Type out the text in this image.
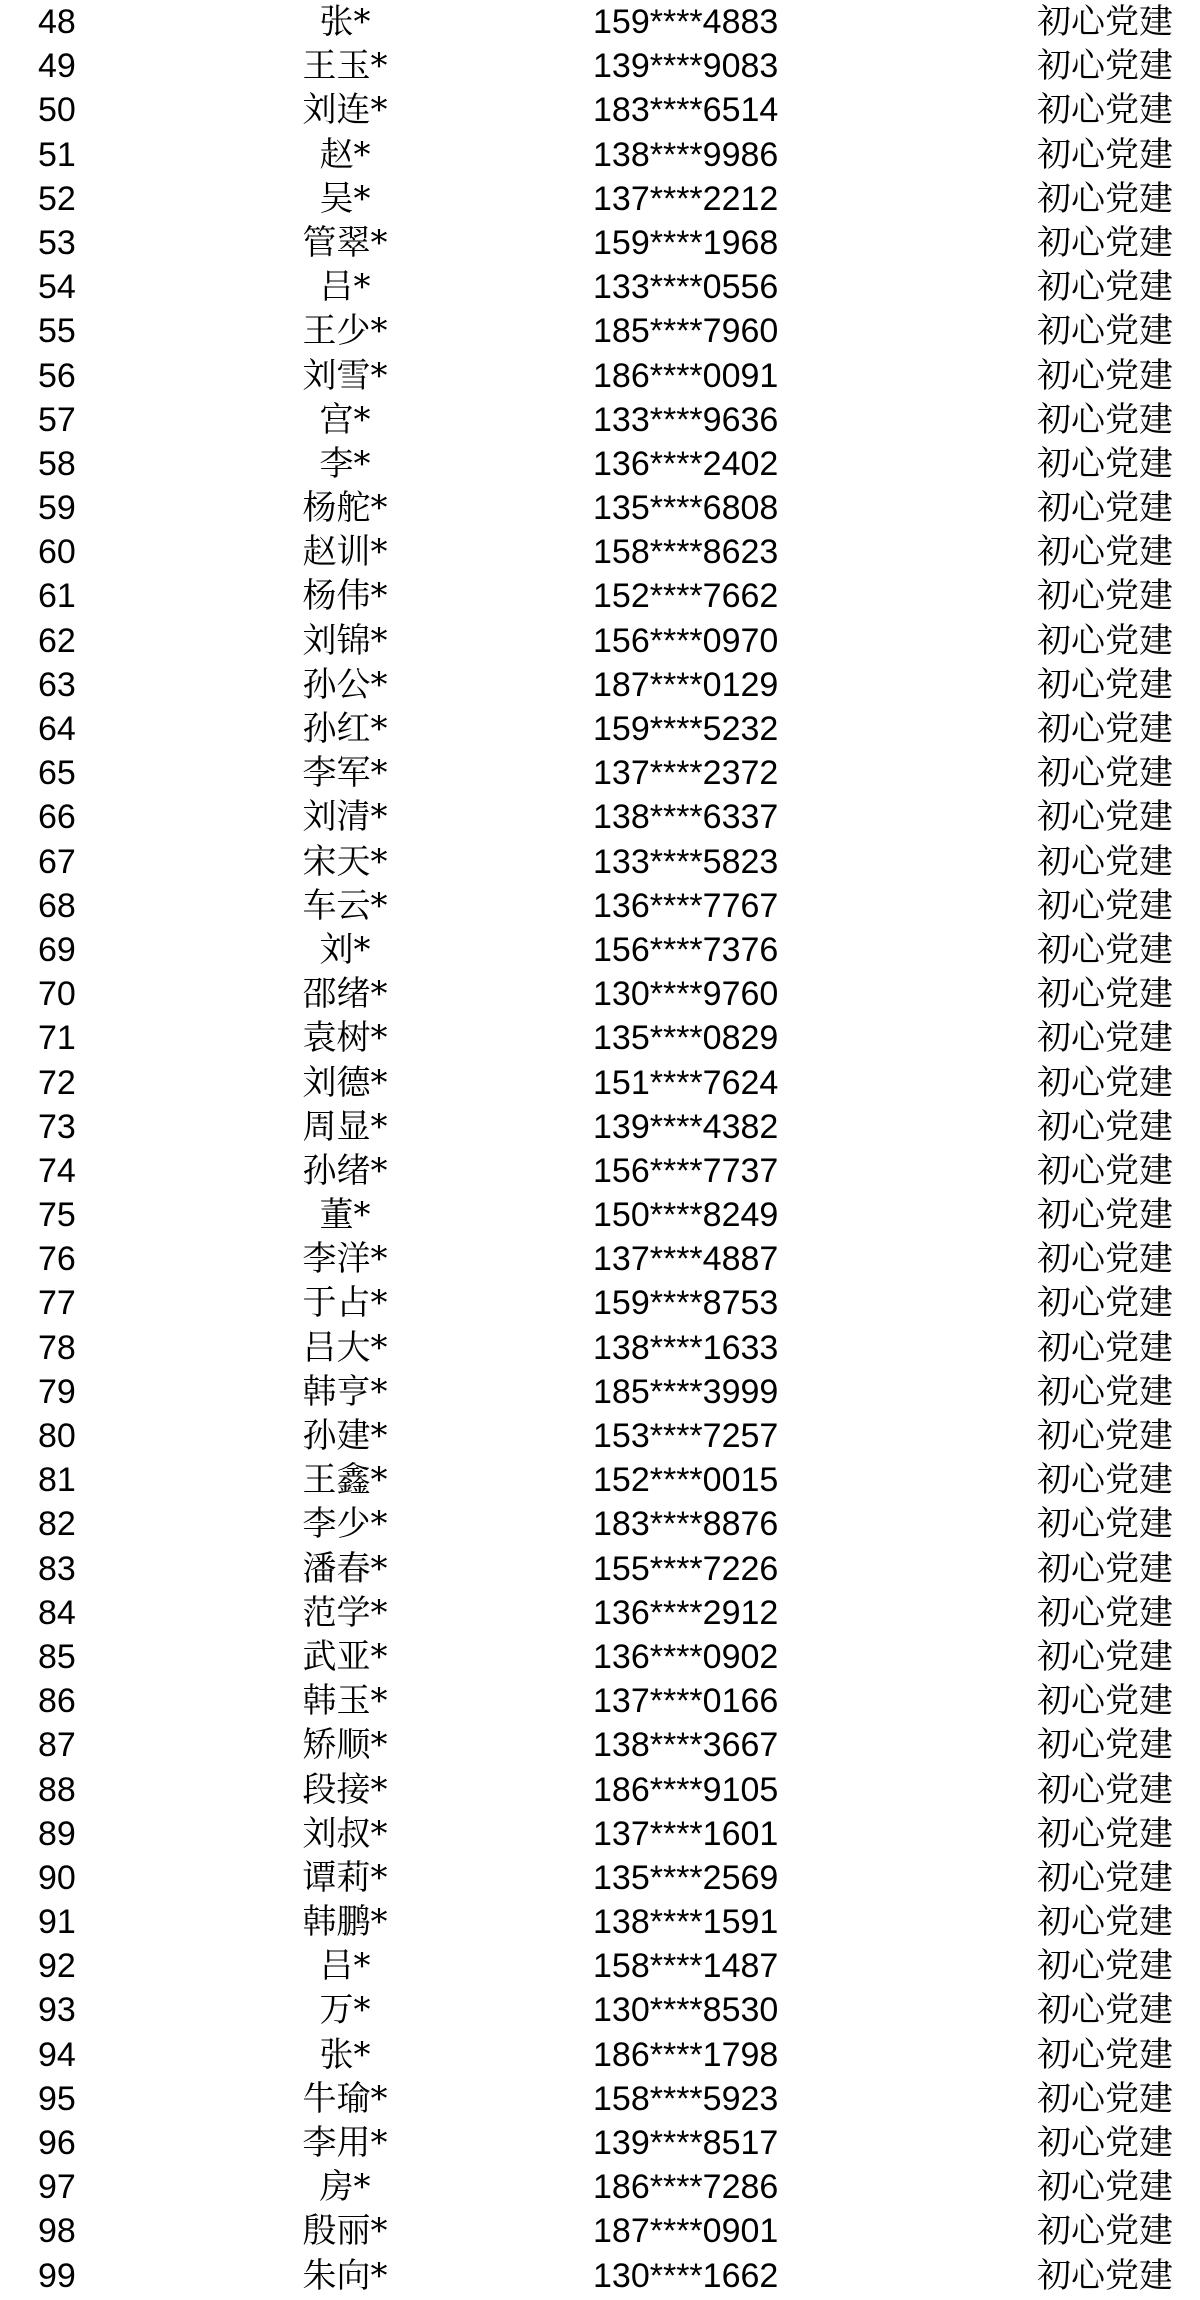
48	张*	159****4883	初心党建
49	王玉*	139****9083	初心党建
50	刘连*	183****6514	初心党建
51	赵*	138****9986	初心党建
52	吴*	137****2212	初心党建
53	管翠*	159****1968	初心党建
54	吕*	133****0556	初心党建
55	王少*	185****7960	初心党建
56	刘雪*	186****0091	初心党建
57	宫*	133****9636	初心党建
58	李*	136****2402	初心党建
59	杨舵*	135****6808	初心党建
60	赵训*	158****8623	初心党建
61	杨伟*	152****7662	初心党建
62	刘锦*	156****0970	初心党建
63	孙公*	187****0129	初心党建
64	孙红*	159****5232	初心党建
65	李军*	137****2372	初心党建
66	刘清*	138****6337	初心党建
67	宋天*	133****5823	初心党建
68	车云*	136****7767	初心党建
69	刘*	156****7376	初心党建
70	邵绪*	130****9760	初心党建
71	袁树*	135****0829	初心党建
72	刘德*	151****7624	初心党建
73	周显*	139****4382	初心党建
74	孙绪*	156****7737	初心党建
75	董*	150****8249	初心党建
76	李洋*	137****4887	初心党建
77	于占*	159****8753	初心党建
78	吕大*	138****1633	初心党建
79	韩亨*	185****3999	初心党建
80	孙建*	153****7257	初心党建
81	王鑫*	152****0015	初心党建
82	李少*	183****8876	初心党建
83	潘春*	155****7226	初心党建
84	范学*	136****2912	初心党建
85	武亚*	136****0902	初心党建
86	韩玉*	137****0166	初心党建
87	矫顺*	138****3667	初心党建
88	段接*	186****9105	初心党建
89	刘叔*	137****1601	初心党建
90	谭莉*	135****2569	初心党建
91	韩鹏*	138****1591	初心党建
92	吕*	158****1487	初心党建
93	万*	130****8530	初心党建
94	张*	186****1798	初心党建
95	牛瑜*	158****5923	初心党建
96	李用*	139****8517	初心党建
97	房*	186****7286	初心党建
98	殷丽*	187****0901	初心党建
99	朱向*	130****1662	初心党建
